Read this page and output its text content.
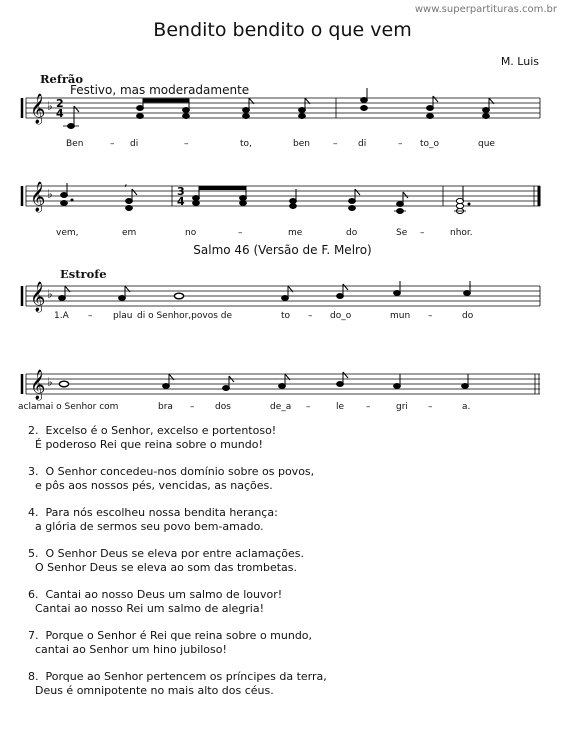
www.superpartituras.com.br
Bendito bendito o que vem
M. Luis
Refrão
Festivo, mas moderadamente
𝄞 ♭ 2
4
Ben	– di	–	to,	ben	– di	– to_o	que
𝄞 ♭
,
3
4
vem,	em	no	–	me	do	Se –	nhor.
Salmo 46 (Versão de F. Melro)
Estrofe
𝄞 ♭
1.A – plau di o Senhor,povos de	to – do_o	mun –	do
𝄞 ♭
aclamai o Senhor com	bra – dos	de_a –	le –	gri –	a.
2. Excelso é o Senhor, excelso e portentoso!
É poderoso Rei que reina sobre o mundo!
3. O Senhor concedeu-nos domínio sobre os povos,
e pôs aos nossos pés, vencidas, as nações.
4. Para nós escolheu nossa bendita herança:
a glória de sermos seu povo bem-amado.
5. O Senhor Deus se eleva por entre aclamações.
O Senhor Deus se eleva ao som das trombetas.
6. Cantai ao nosso Deus um salmo de louvor!
Cantai ao nosso Rei um salmo de alegria!
7. Porque o Senhor é Rei que reina sobre o mundo,
cantai ao Senhor um hino jubiloso!
8. Porque ao Senhor pertencem os príncipes da terra,
Deus é omnipotente no mais alto dos céus.
